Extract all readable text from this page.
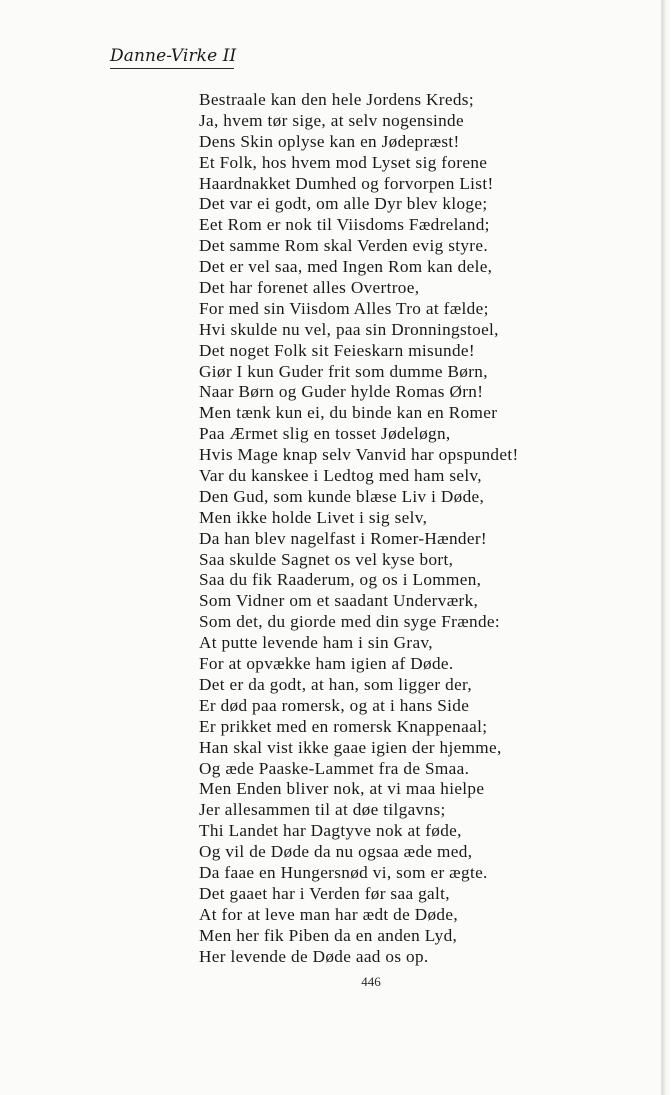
Danne-Virke II
Bestraale kan den hele Jordens Kreds;
Ja, hvem tør sige, at selv nogensinde
Dens Skin oplyse kan en Jødepræst!
Et Folk, hos hvem mod Lyset sig forene
Haardnakket Dumhed og forvorpen List!
Det var ei godt, om alle Dyr blev kloge;
Eet Rom er nok til Viisdoms Fædreland;
Det samme Rom skal Verden evig styre.
Det er vel saa, med Ingen Rom kan dele,
Det har forenet alles Overtroe,
For med sin Viisdom Alles Tro at fælde;
Hvi skulde nu vel, paa sin Dronningstoel,
Det noget Folk sit Feieskarn misunde!
Giør I kun Guder frit som dumme Børn,
Naar Børn og Guder hylde Romas Ørn!
Men tænk kun ei, du binde kan en Romer
Paa Ærmet slig en tosset Jødeløgn,
Hvis Mage knap selv Vanvid har opspundet!
Var du kanskee i Ledtog med ham selv,
Den Gud, som kunde blæse Liv i Døde,
Men ikke holde Livet i sig selv,
Da han blev nagelfast i Romer-Hænder!
Saa skulde Sagnet os vel kyse bort,
Saa du fik Raaderum, og os i Lommen,
Som Vidner om et saadant Underværk,
Som det, du giorde med din syge Frænde:
At putte levende ham i sin Grav,
For at opvække ham igien af Døde.
Det er da godt, at han, som ligger der,
Er død paa romersk, og at i hans Side
Er prikket med en romersk Knappenaal;
Han skal vist ikke gaae igien der hjemme,
Og æde Paaske-Lammet fra de Smaa.
Men Enden bliver nok, at vi maa hielpe
Jer allesammen til at døe tilgavns;
Thi Landet har Dagtyve nok at føde,
Og vil de Døde da nu ogsaa æde med,
Da faae en Hungersnød vi, som er ægte.
Det gaaet har i Verden før saa galt,
At for at leve man har ædt de Døde,
Men her fik Piben da en anden Lyd,
Her levende de Døde aad os op.
446
